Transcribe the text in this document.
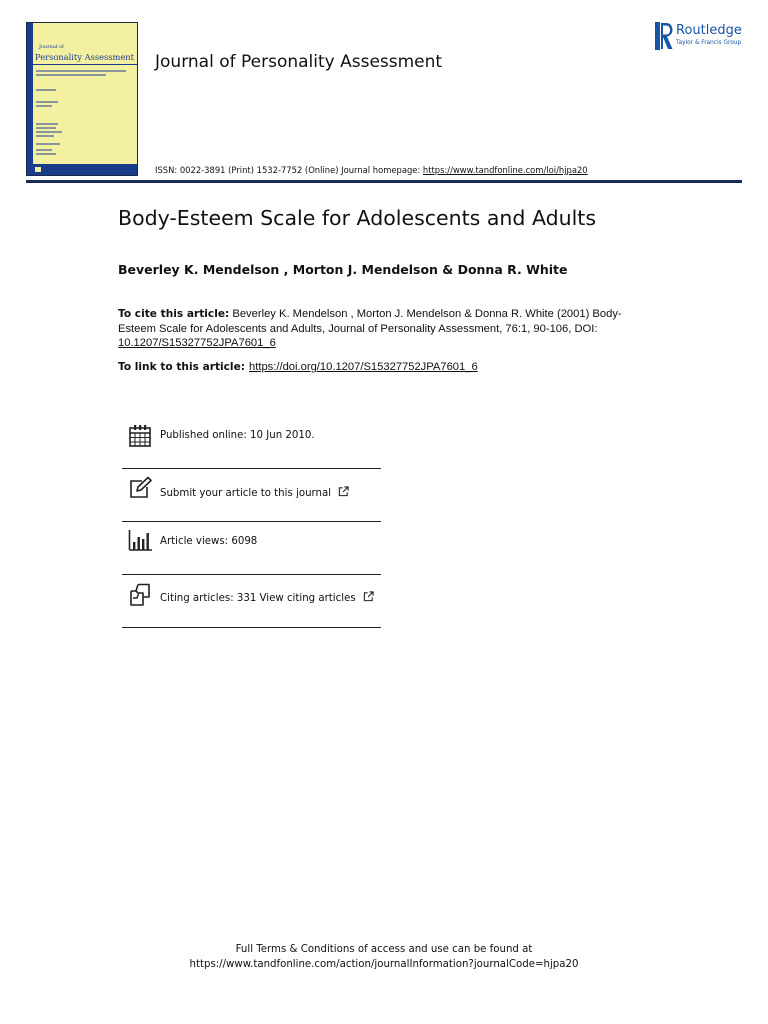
Journal of
Personality Assessment Journal of Personality Assessment
ISSN: 0022-3891 (Print) 1532-7752 (Online) Journal homepage: https://www.tandfonline.com/loi/hjpa20
Routledge
Taylor & Francis Group
Body-Esteem Scale for Adolescents and Adults
Beverley K. Mendelson , Morton J. Mendelson & Donna R. White
To cite this article: Beverley K. Mendelson , Morton J. Mendelson & Donna R. White (2001) Body-Esteem Scale for Adolescents and Adults, Journal of Personality Assessment, 76:1, 90-106, DOI: 10.1207/S15327752JPA7601_6
To link to this article: https://doi.org/10.1207/S15327752JPA7601_6
Published online: 10 Jun 2010.
Submit your article to this journal
Article views: 6098
Citing articles: 331 View citing articles
Full Terms & Conditions of access and use can be found at
https://www.tandfonline.com/action/journalInformation?journalCode=hjpa20
